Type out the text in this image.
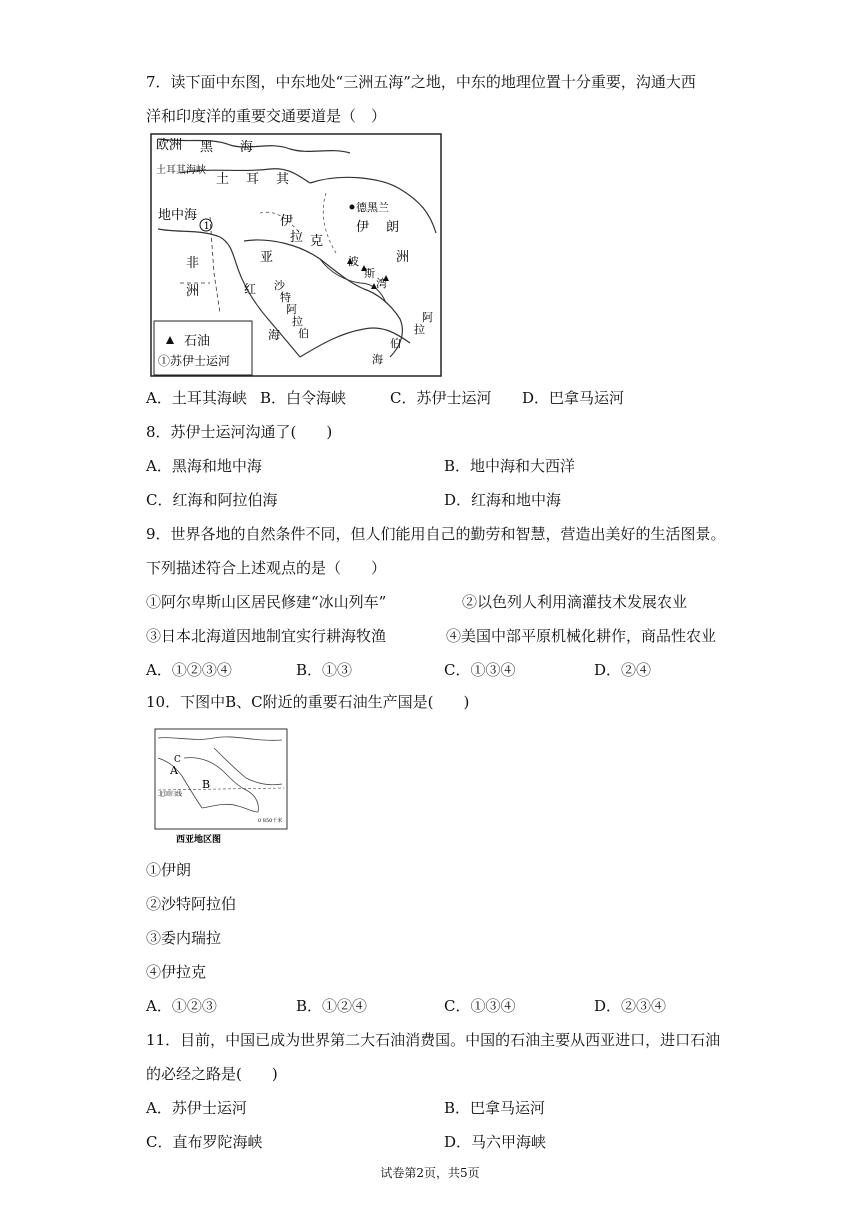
7．读下面中东图，中东地处“三洲五海”之地，中东的地理位置十分重要，沟通大西
洋和印度洋的重要交通要道是（　）
1
欧洲 黑 海
土耳其海峡
土 耳 其
地中海	伊
拉 克
德黑兰
伊 朗
亚
沙
特
阿
拉
伯
非
洲	红
海
洲
波
斯
湾
阿
拉
伯
海
石油
①苏伊士运河
A．土耳其海峡 B．白令海峡	C．苏伊士运河 D．巴拿马运河
8．苏伊士运河沟通了(　　)
A．黑海和地中海	B．地中海和大西洋
C．红海和阿拉伯海	D．红海和地中海
9．世界各地的自然条件不同，但人们能用自己的勤劳和智慧，营造出美好的生活图景。
下列描述符合上述观点的是（　　）
①阿尔卑斯山区居民修建“冰山列车”	②以色列人利用滴灌技术发展农业
③日本北海道因地制宜实行耕海牧渔	④美国中部平原机械化耕作，商品性农业
A．①②③④	B．①③	C．①③④	D．②④
10．下图中B、C附近的重要石油生产国是(　　)
A
B
C
北回归线
0 850千米
西亚地区图
①伊朗
②沙特阿拉伯
③委内瑞拉
④伊拉克
A．①②③	B．①②④	C．①③④	D．②③④
11．目前，中国已成为世界第二大石油消费国。中国的石油主要从西亚进口，进口石油
的必经之路是(　　)
A．苏伊士运河	B．巴拿马运河
C．直布罗陀海峡	D．马六甲海峡
试卷第2页，共5页
